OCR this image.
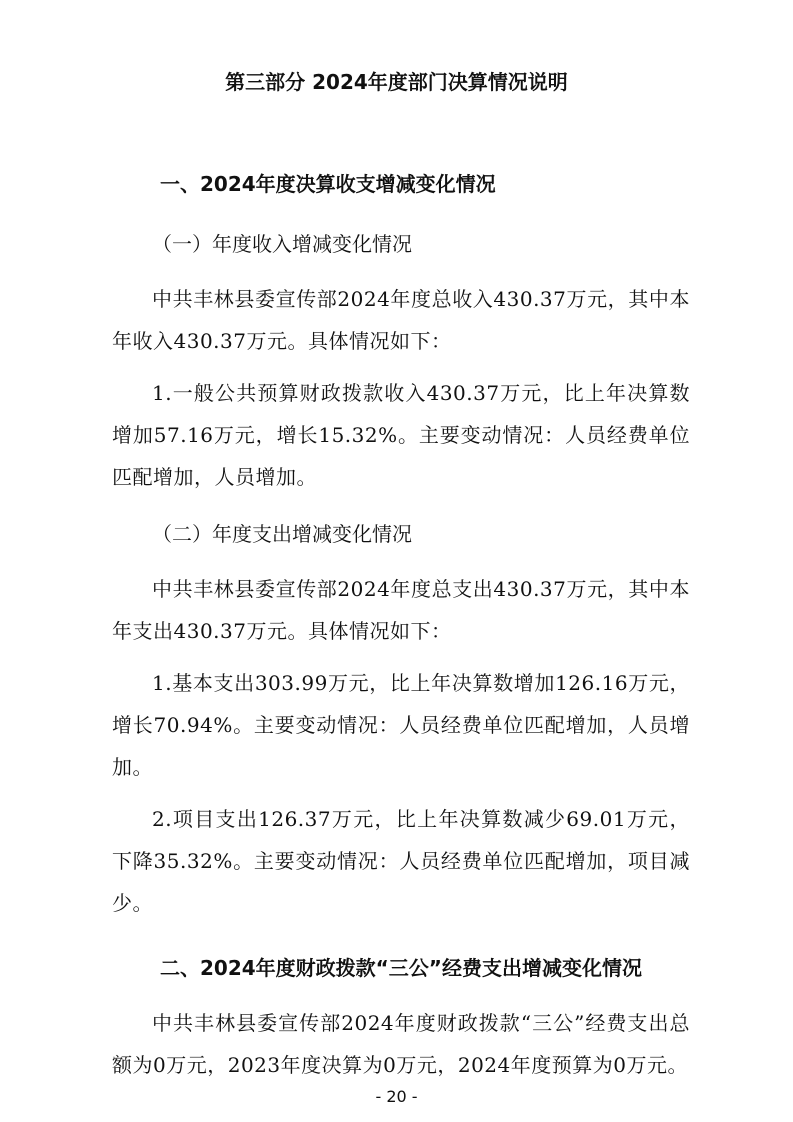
第三部分 2024年度部门决算情况说明
一、2024年度决算收支增减变化情况
（一）年度收入增减变化情况

中共丰林县委宣传部2024年度总收入430.37万元，其中本年收入430.37万元。具体情况如下：

1.一般公共预算财政拨款收入430.37万元，比上年决算数增加57.16万元，增长15.32%。主要变动情况：人员经费单位匹配增加，人员增加。

（二）年度支出增减变化情况

中共丰林县委宣传部2024年度总支出430.37万元，其中本年支出430.37万元。具体情况如下：

1.基本支出303.99万元，比上年决算数增加126.16万元，增长70.94%。主要变动情况：人员经费单位匹配增加，人员增加。

2.项目支出126.37万元，比上年决算数减少69.01万元，下降35.32%。主要变动情况：人员经费单位匹配增加，项目减少。

二、2024年度财政拨款“三公”经费支出增减变化情况

中共丰林县委宣传部2024年度财政拨款“三公”经费支出总额为0万元，2023年度决算为0万元，2024年度预算为0万元。

- 20 -
